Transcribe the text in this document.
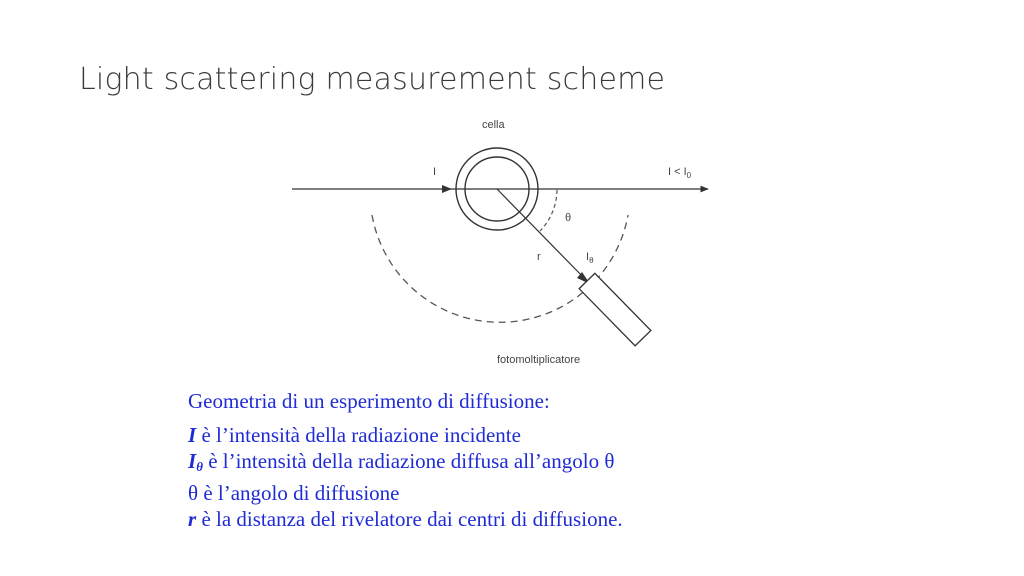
Light scattering measurement scheme
cella
I	$I < I_0$
θ
r	$I_\theta$
fotomoltiplicatore
Geometria di un esperimento di diffusione:
I è l’intensità della radiazione incidente
$I_\theta$ è l’intensità della radiazione diffusa all’angolo θ
θ è l’angolo di diffusione
r è la distanza del rivelatore dai centri di diffusione.
